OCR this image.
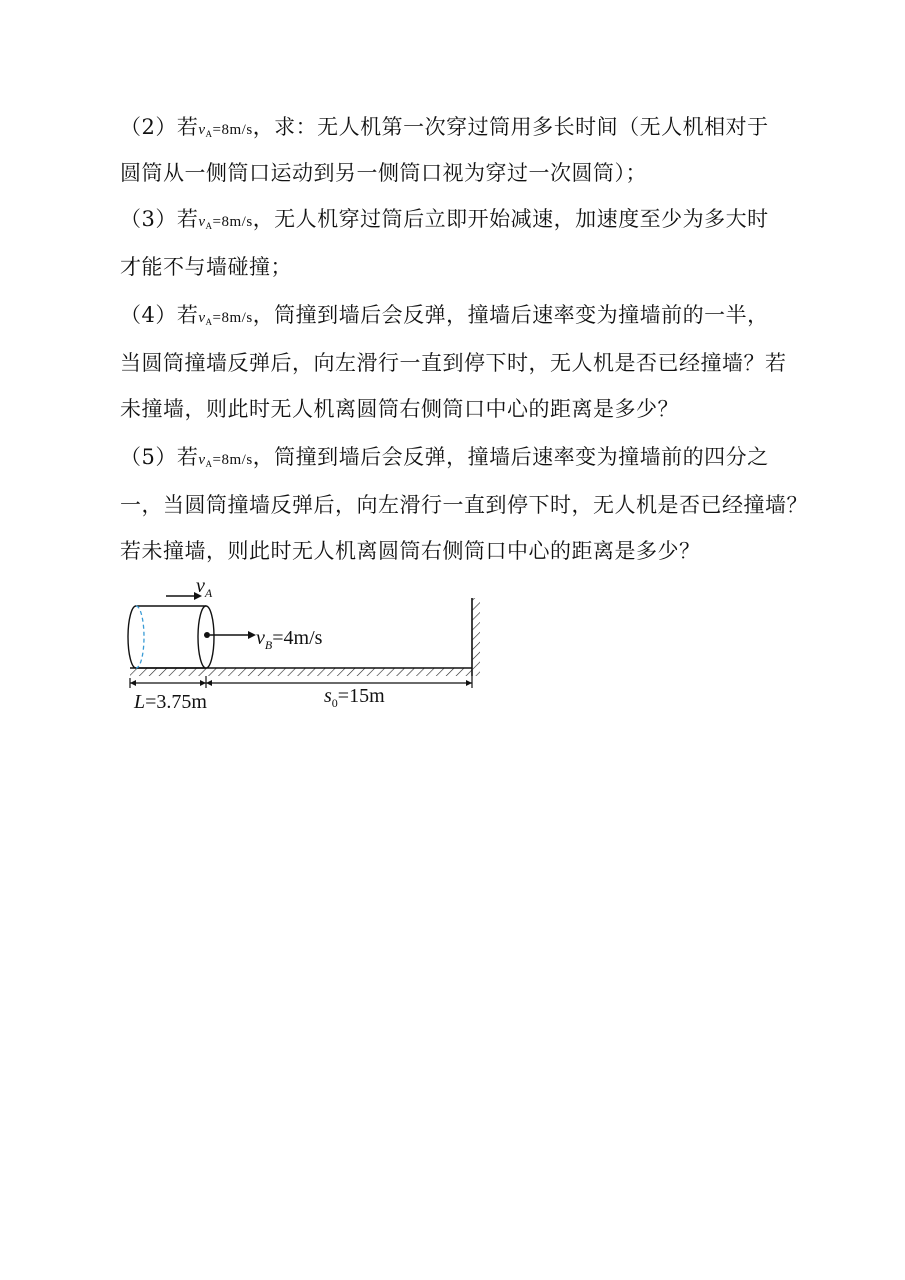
（2）若vA=8m/s，求：无人机第一次穿过筒用多长时间（无人机相对于
圆筒从一侧筒口运动到另一侧筒口视为穿过一次圆筒）；
（3）若vA=8m/s，无人机穿过筒后立即开始减速，加速度至少为多大时
才能不与墙碰撞；
（4）若vA=8m/s，筒撞到墙后会反弹，撞墙后速率变为撞墙前的一半，
当圆筒撞墙反弹后，向左滑行一直到停下时，无人机是否已经撞墙？若
未撞墙，则此时无人机离圆筒右侧筒口中心的距离是多少？
（5）若vA=8m/s，筒撞到墙后会反弹，撞墙后速率变为撞墙前的四分之
一，当圆筒撞墙反弹后，向左滑行一直到停下时，无人机是否已经撞墙？
若未撞墙，则此时无人机离圆筒右侧筒口中心的距离是多少？
$v_B=4m/s$
$v_A$
L=3.75m	$s_0=15m$
